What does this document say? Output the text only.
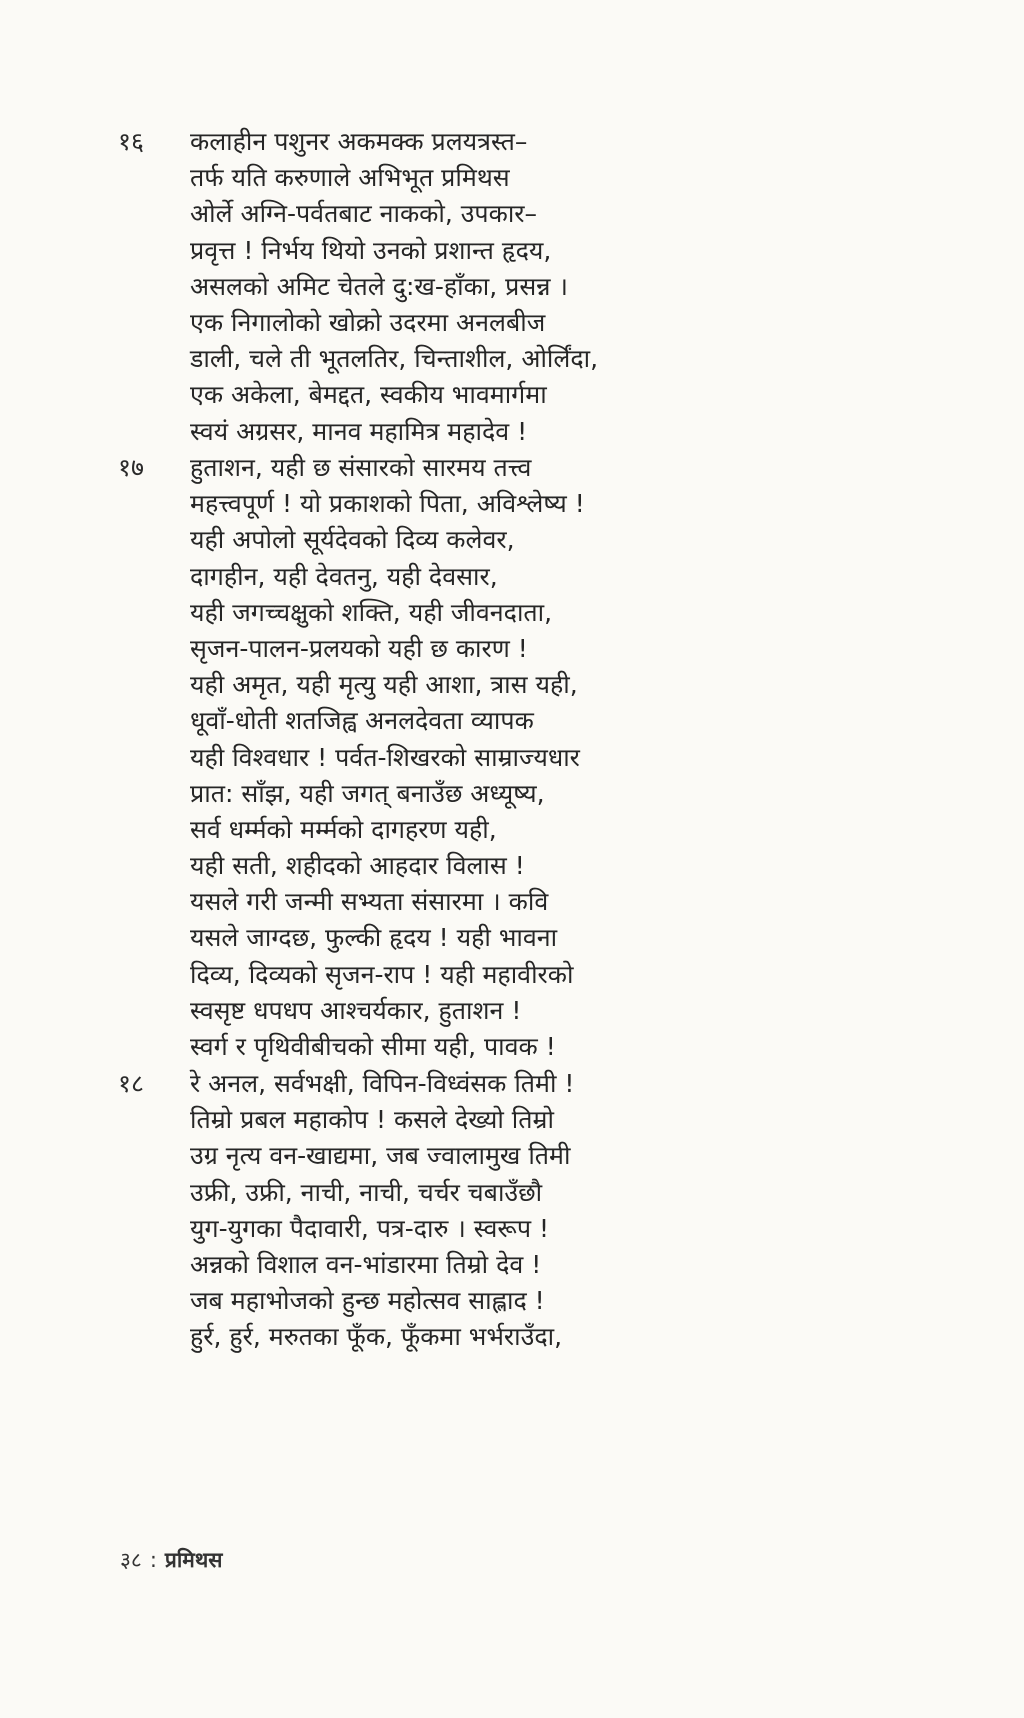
१६ कलाहीन पशुनर अकमक्क प्रलयत्रस्त–
तर्फ यति करुणाले अभिभूत प्रमिथस
ओर्ले अग्नि-पर्वतबाट नाकको, उपकार–
प्रवृत्त ! निर्भय थियो उनको प्रशान्त हृदय,
असलको अमिट चेतले दु:ख-हाँका, प्रसन्न ।
एक निगालोको खोक्रो उदरमा अनलबीज
डाली, चले ती भूतलतिर, चिन्ताशील, ओर्लिंदा,
एक अकेला, बेमद्दत, स्वकीय भावमार्गमा
स्वयं अग्रसर, मानव महामित्र महादेव !
१७ हुताशन, यही छ संसारको सारमय तत्त्व
महत्त्वपूर्ण ! यो प्रकाशको पिता, अविश्लेष्य !
यही अपोलो सूर्यदेवको दिव्य कलेवर,
दागहीन, यही देवतनु, यही देवसार,
यही जगच्चक्षुको शक्ति, यही जीवनदाता,
सृजन-पालन-प्रलयको यही छ कारण !
यही अमृत, यही मृत्यु यही आशा, त्रास यही,
धूवाँ-धोती शतजिह्व अनलदेवता व्यापक
यही विश्वधार ! पर्वत-शिखरको साम्राज्यधार
प्रात: साँझ, यही जगत् बनाउँछ अध्यूष्य,
सर्व धर्म्मको मर्म्मको दागहरण यही,
यही सती, शहीदको आहदार विलास !
यसले गरी जन्मी सभ्यता संसारमा । कवि
यसले जाग्दछ, फुल्की हृदय ! यही भावना
दिव्य, दिव्यको सृजन-राप ! यही महावीरको
स्वसृष्ट धपधप आश्चर्यकार, हुताशन !
स्वर्ग र पृथिवीबीचको सीमा यही, पावक !
१८ रे अनल, सर्वभक्षी, विपिन-विध्वंसक तिमी !
तिम्रो प्रबल महाकोप ! कसले देख्यो तिम्रो
उग्र नृत्य वन-खाद्यमा, जब ज्वालामुख तिमी
उफ्री, उफ्री, नाची, नाची, चर्चर चबाउँछौ
युग-युगका पैदावारी, पत्र-दारु । स्वरूप !
अन्नको विशाल वन-भांडारमा तिम्रो देव !
जब महाभोजको हुन्छ महोत्सव साह्लाद !
हुर्र, हुर्र, मरुतका फूँक, फूँकमा भर्भराउँदा,
३८ : प्रमिथस
